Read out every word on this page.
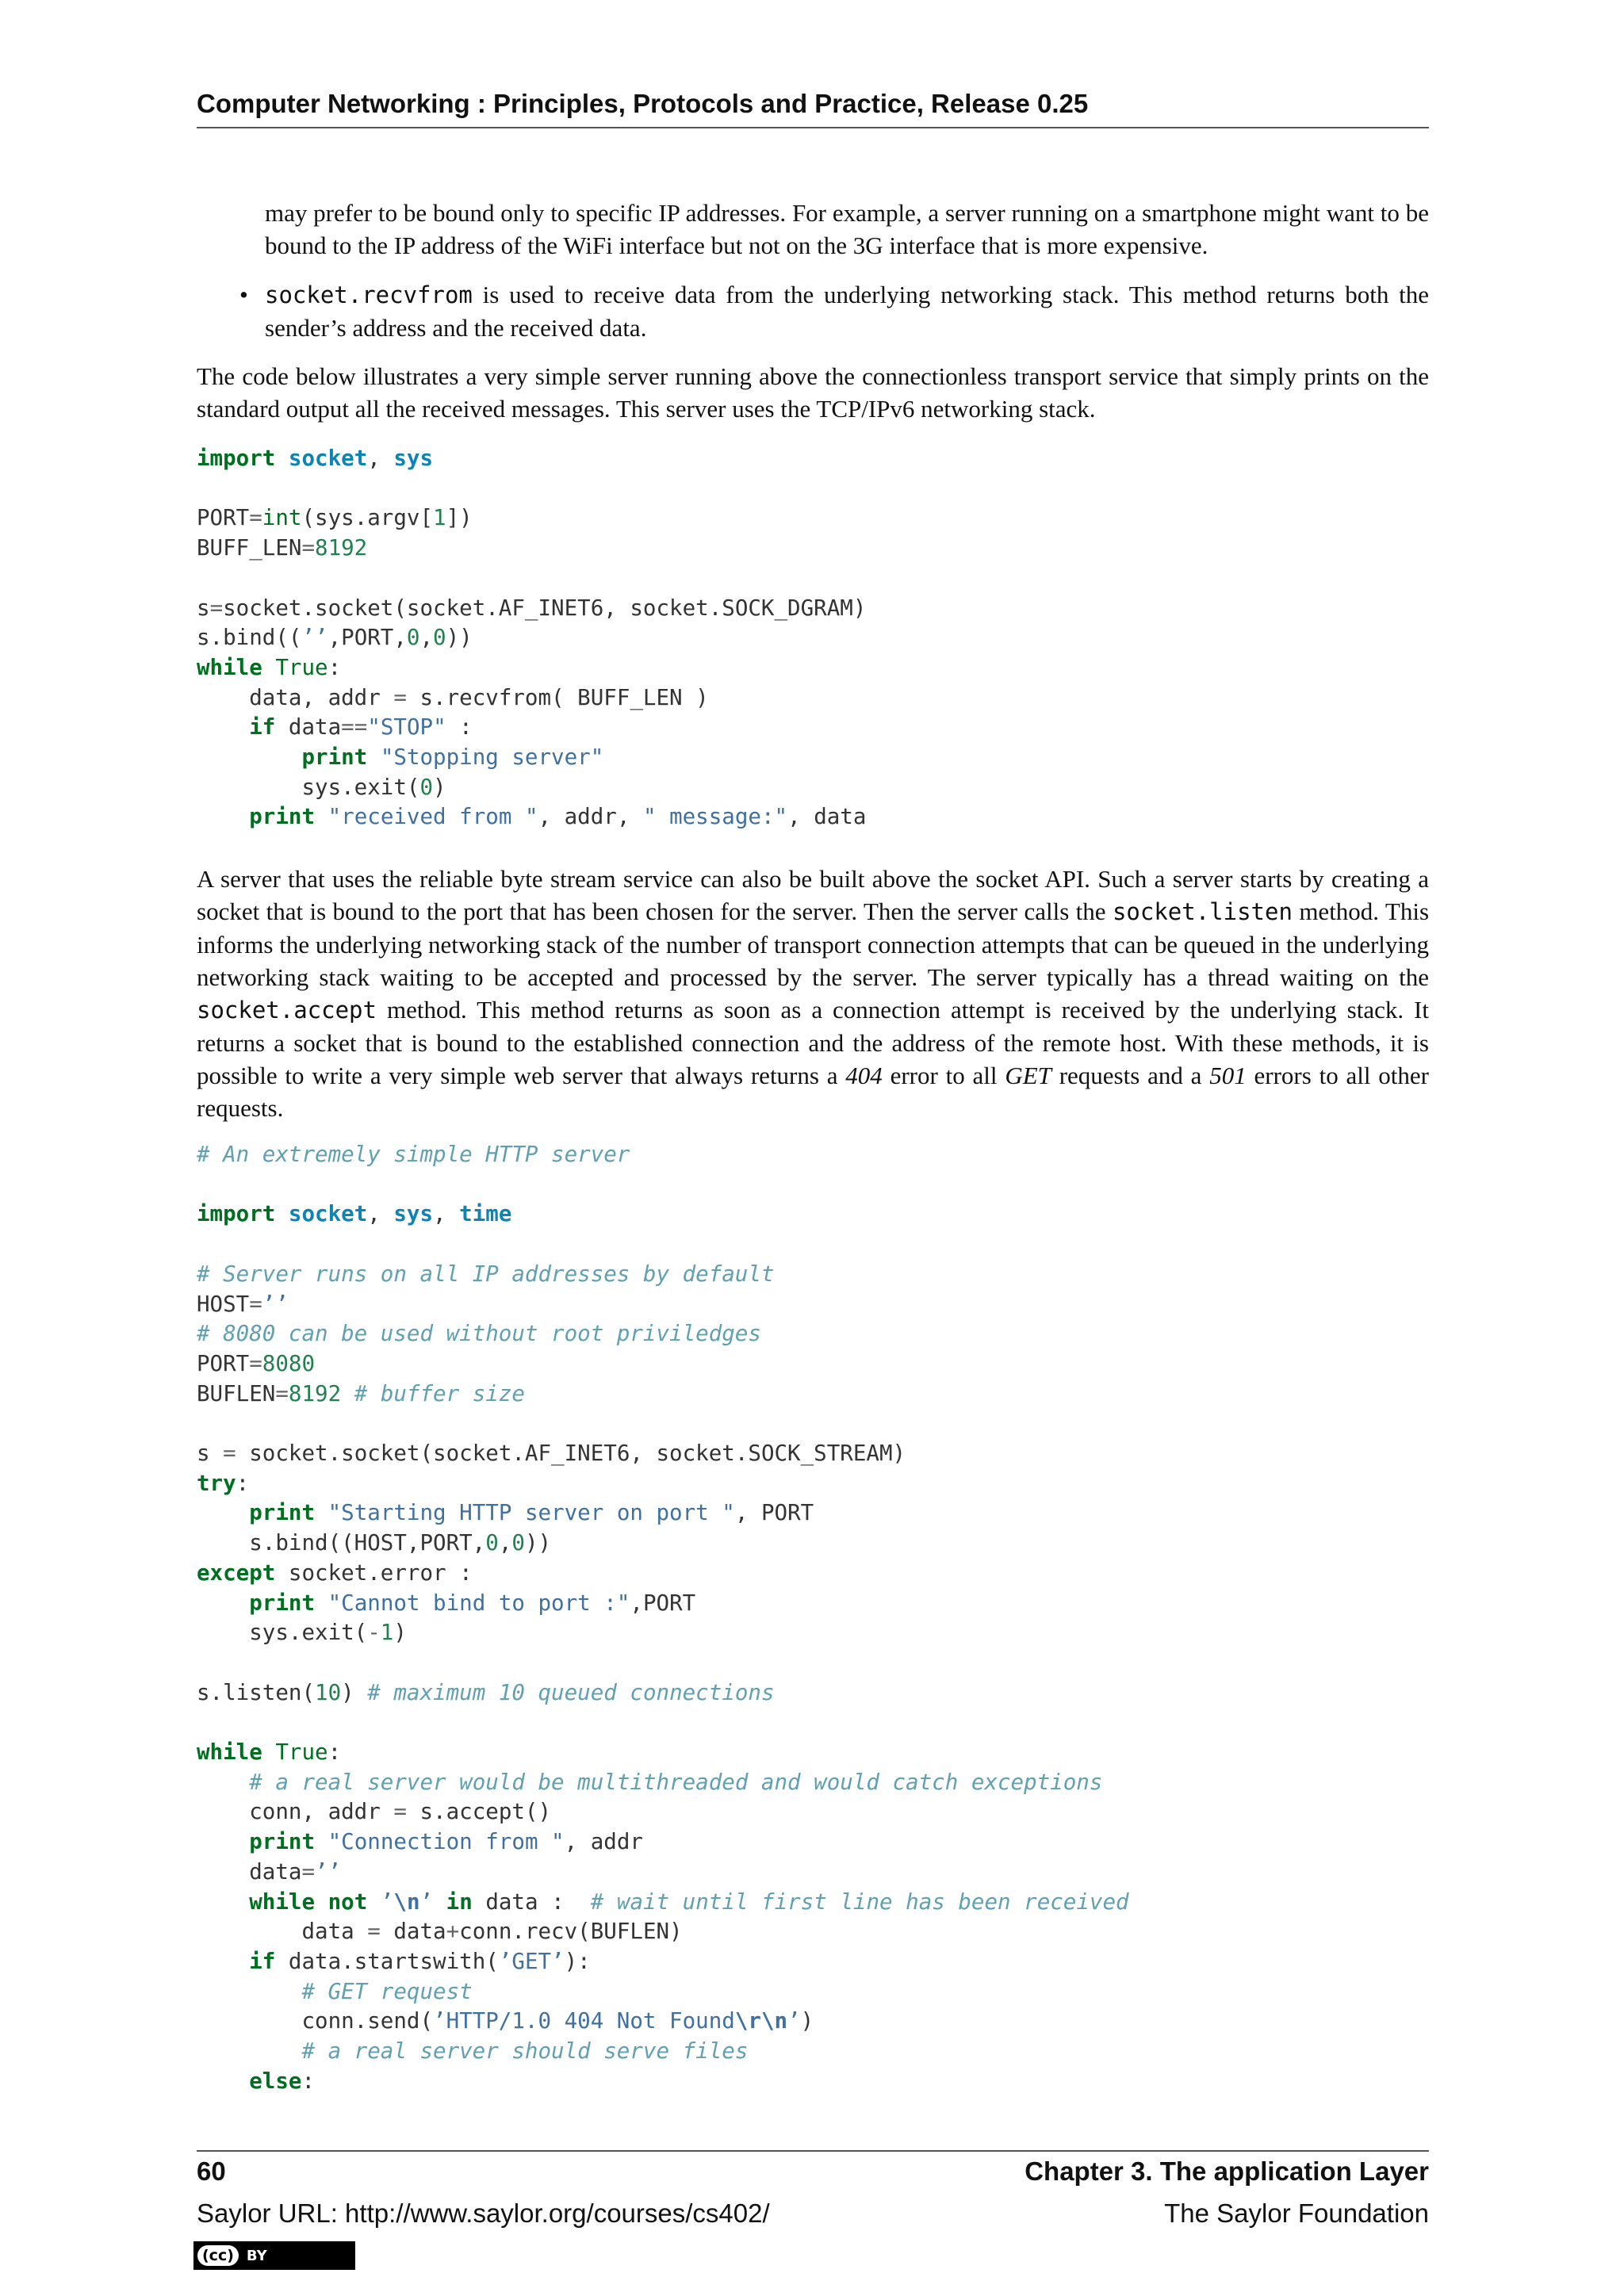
Computer Networking : Principles, Protocols and Practice, Release 0.25

may prefer to be bound only to specific IP addresses. For example, a server running on a smartphone might want to be bound to the IP address of the WiFi interface but not on the 3G interface that is more expensive.

• socket.recvfrom is used to receive data from the underlying networking stack. This method returns both the sender’s address and the received data.

The code below illustrates a very simple server running above the connectionless transport service that simply prints on the standard output all the received messages. This server uses the TCP/IPv6 networking stack.

import socket, sys

PORT=int(sys.argv[1])
BUFF_LEN=8192

s=socket.socket(socket.AF_INET6, socket.SOCK_DGRAM)
s.bind((’’,PORT,0,0))
while True:
data, addr = s.recvfrom( BUFF_LEN )
if data=="STOP" :
print "Stopping server"
sys.exit(0)
print "received from ", addr, " message:", data

A server that uses the reliable byte stream service can also be built above the socket API. Such a server starts by creating a socket that is bound to the port that has been chosen for the server. Then the server calls the socket.listen method. This informs the underlying networking stack of the number of transport connection attempts that can be queued in the underlying networking stack waiting to be accepted and processed by the server. The server typically has a thread waiting on the socket.accept method. This method returns as soon as a connection attempt is received by the underlying stack. It returns a socket that is bound to the established connection and the address of the remote host. With these methods, it is possible to write a very simple web server that always returns a 404 error to all GET requests and a 501 errors to all other requests.

# An extremely simple HTTP server

import socket, sys, time

# Server runs on all IP addresses by default
HOST=’’
# 8080 can be used without root priviledges
PORT=8080
BUFLEN=8192 # buffer size

s = socket.socket(socket.AF_INET6, socket.SOCK_STREAM)
try:
print "Starting HTTP server on port ", PORT
s.bind((HOST,PORT,0,0))
except socket.error :
print "Cannot bind to port :",PORT
sys.exit(-1)

s.listen(10) # maximum 10 queued connections

while True:
# a real server would be multithreaded and would catch exceptions
conn, addr = s.accept()
print "Connection from ", addr
data=’’
while not ’\n’ in data :  # wait until first line has been received
data = data+conn.recv(BUFLEN)
if data.startswith(’GET’):
# GET request
conn.send(’HTTP/1.0 404 Not Found\r\n’)
# a real server should serve files
else:
60	Chapter 3. The application Layer
Saylor URL: http://www.saylor.org/courses/cs402/	The Saylor Foundation
(cc) BY
